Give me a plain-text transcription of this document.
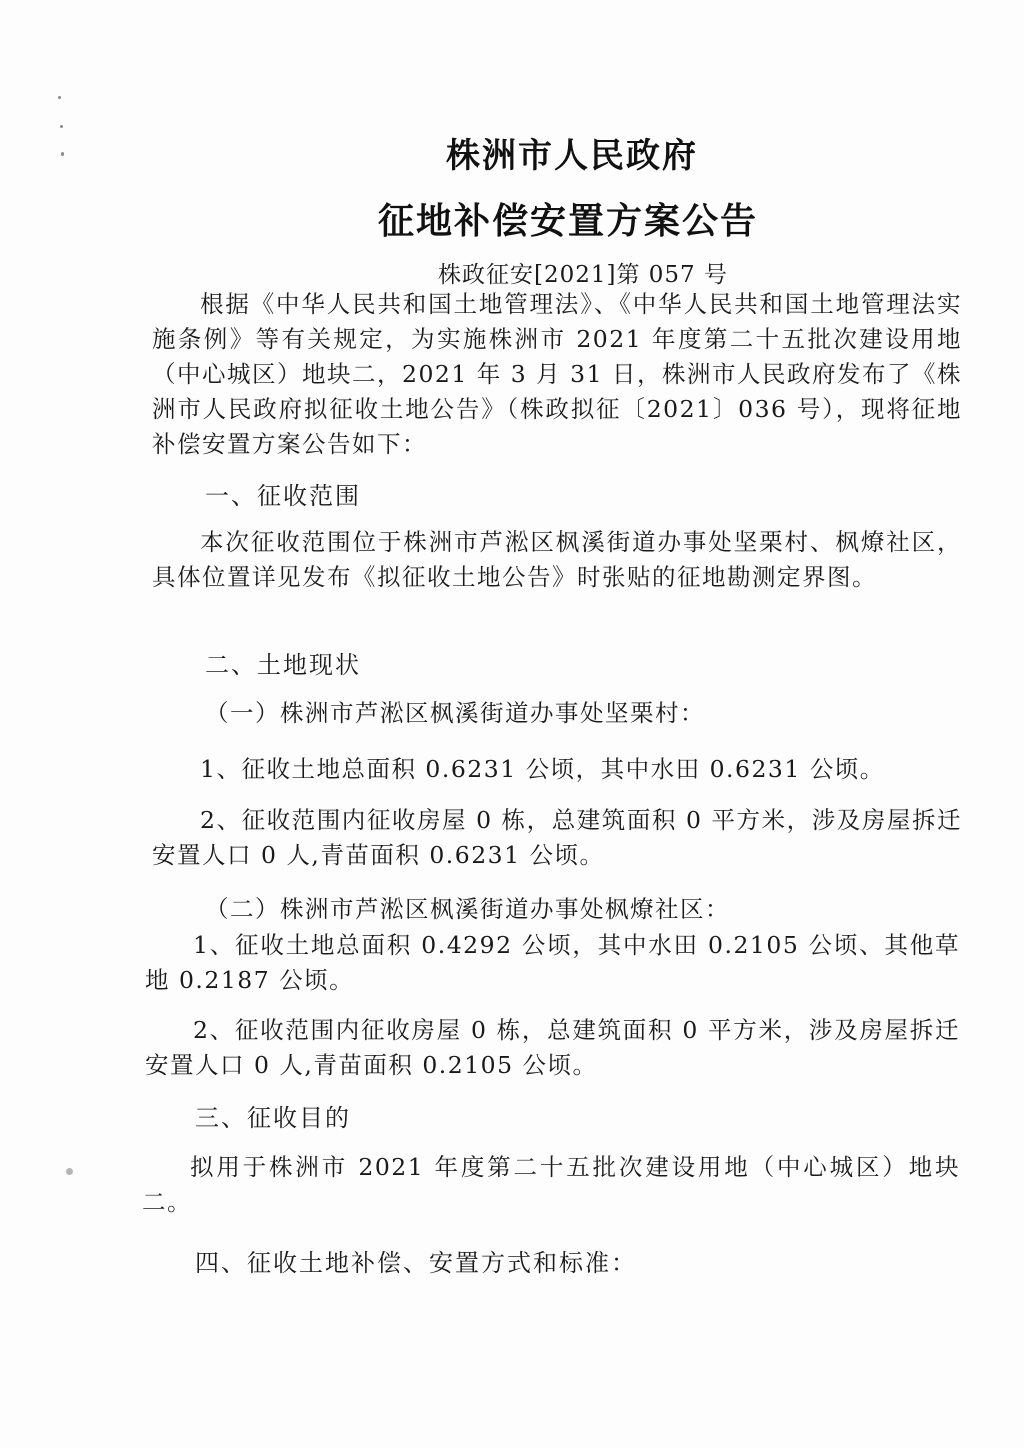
株洲市人民政府
征地补偿安置方案公告
株政征安[2021]第 057 号
根据《中华人民共和国土地管理法》、《中华人民共和国土地管理法实施条例》等有关规定，为实施株洲市 2021 年度第二十五批次建设用地（中心城区）地块二，2021 年 3 月 31 日，株洲市人民政府发布了《株洲市人民政府拟征收土地公告》（株政拟征〔2021〕036 号），现将征地补偿安置方案公告如下：
一、征收范围
本次征收范围位于株洲市芦淞区枫溪街道办事处坚栗村、枫燎社区，具体位置详见发布《拟征收土地公告》时张贴的征地勘测定界图。
二、土地现状
（一）株洲市芦淞区枫溪街道办事处坚栗村：
1、征收土地总面积 0.6231 公顷，其中水田 0.6231 公顷。
2、征收范围内征收房屋 0 栋，总建筑面积 0 平方米，涉及房屋拆迁安置人口 0 人,青苗面积 0.6231 公顷。
（二）株洲市芦淞区枫溪街道办事处枫燎社区：
1、征收土地总面积 0.4292 公顷，其中水田 0.2105 公顷、其他草地 0.2187 公顷。
2、征收范围内征收房屋 0 栋，总建筑面积 0 平方米，涉及房屋拆迁安置人口 0 人,青苗面积 0.2105 公顷。
三、征收目的
拟用于株洲市 2021 年度第二十五批次建设用地（中心城区）地块二。
四、征收土地补偿、安置方式和标准：
